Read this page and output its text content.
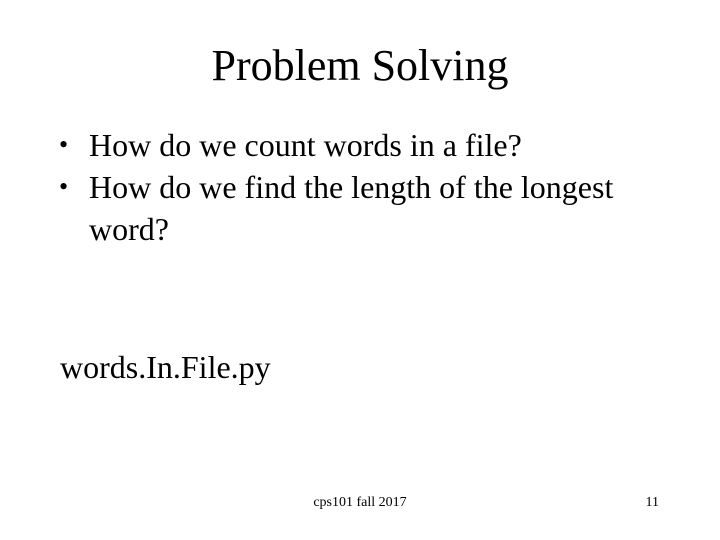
Problem Solving
• How do we count words in a file?
• How do we find the length of the longest word?
words.In.File.py
cps101 fall 2017	11
